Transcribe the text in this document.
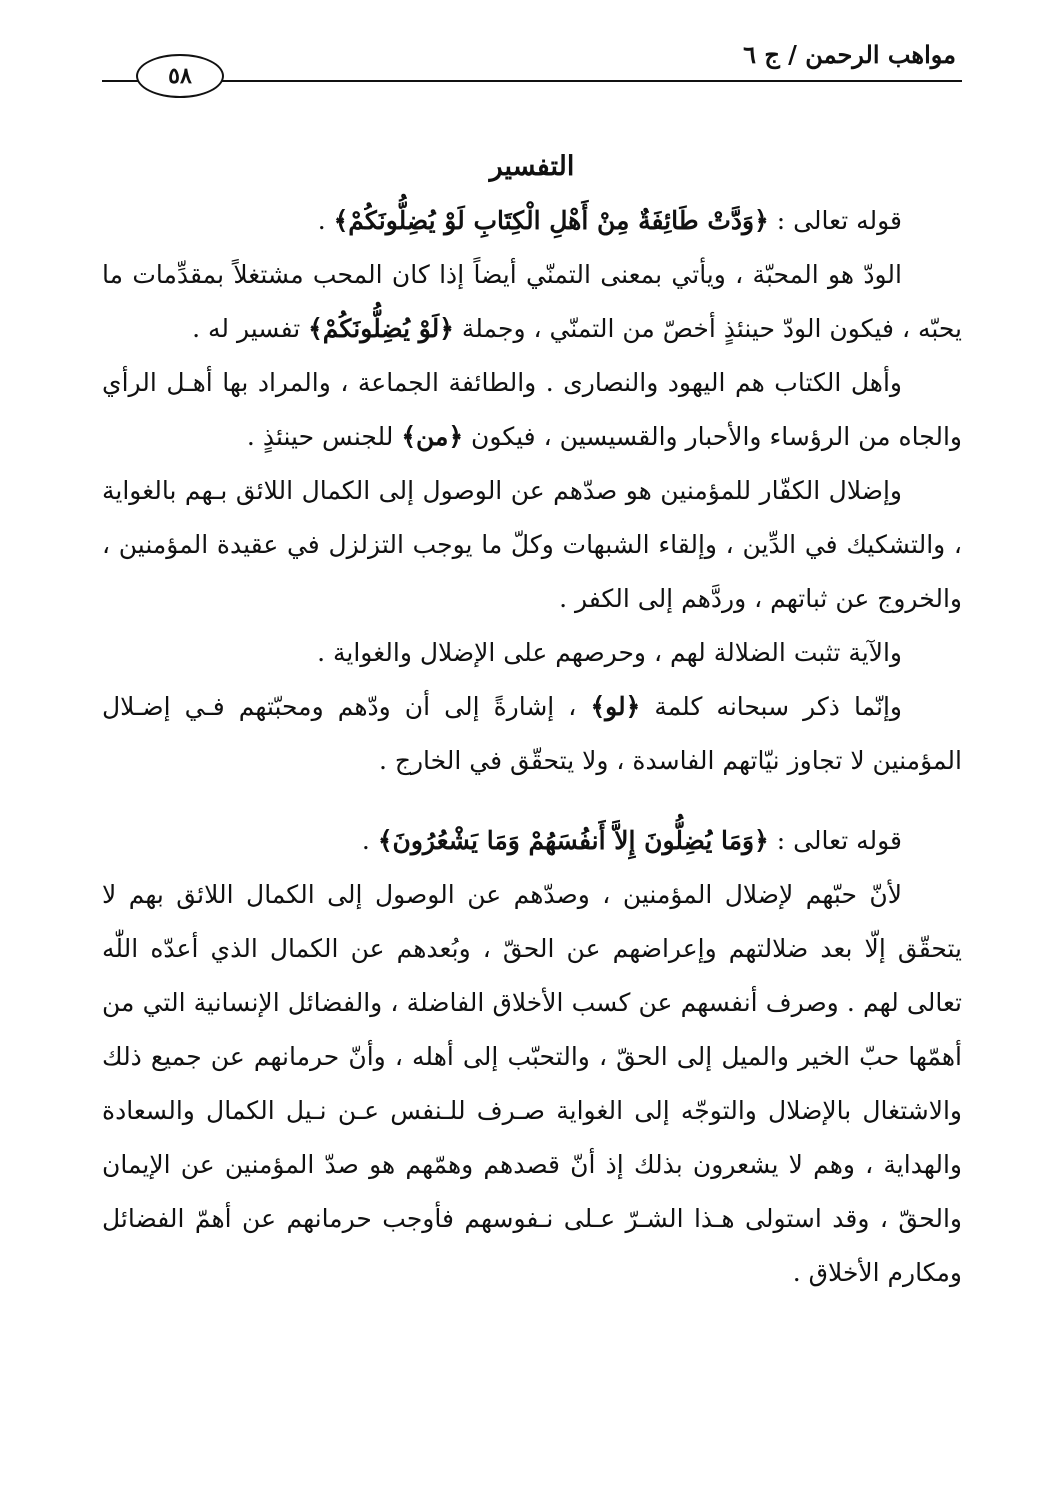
مواهب الرحمن / ج ٦
٥٨
التفسير

قوله تعالى : ﴿وَدَّتْ طَائِفَةٌ مِنْ أَهْلِ الْكِتَابِ لَوْ يُضِلُّونَكُمْ﴾ .

الودّ هو المحبّة ، ويأتي بمعنى التمنّي أيضاً إذا كان المحب مشتغلاً بمقدِّمات ما يحبّه ، فيكون الودّ حينئذٍ أخصّ من التمنّي ، وجملة ﴿لَوْ يُضِلُّونَكُمْ﴾ تفسير له .

وأهل الكتاب هم اليهود والنصارى . والطائفة الجماعة ، والمراد بها أهـل الرأي والجاه من الرؤساء والأحبار والقسيسين ، فيكون ﴿من﴾ للجنس حينئذٍ .

وإضلال الكفّار للمؤمنين هو صدّهم عن الوصول إلى الكمال اللائق بـهم بالغواية ، والتشكيك في الدِّين ، وإلقاء الشبهات وكلّ ما يوجب التزلزل في عقيدة المؤمنين ، والخروج عن ثباتهم ، وردَّهم إلى الكفر .

والآية تثبت الضلالة لهم ، وحرصهم على الإضلال والغواية .

وإنّما ذكر سبحانه كلمة ﴿لو﴾ ، إشارةً إلى أن ودّهم ومحبّتهم فـي إضـلال المؤمنين لا تجاوز نيّاتهم الفاسدة ، ولا يتحقّق في الخارج .

قوله تعالى : ﴿وَمَا يُضِلُّونَ إِلاَّ أَنفُسَهُمْ وَمَا يَشْعُرُونَ﴾ .

لأنّ حبّهم لإضلال المؤمنين ، وصدّهم عن الوصول إلى الكمال اللائق بهم لا يتحقّق إلّا بعد ضلالتهم وإعراضهم عن الحقّ ، وبُعدهم عن الكمال الذي أعدّه اللّٰه تعالى لهم . وصرف أنفسهم عن كسب الأخلاق الفاضلة ، والفضائل الإنسانية التي من أهمّها حبّ الخير والميل إلى الحقّ ، والتحبّب إلى أهله ، وأنّ حرمانهم عن جميع ذلك والاشتغال بالإضلال والتوجّه إلى الغواية صـرف للـنفس عـن نـيل الكمال والسعادة والهداية ، وهم لا يشعرون بذلك إذ أنّ قصدهم وهمّهم هو صدّ المؤمنين عن الإيمان والحقّ ، وقد استولى هـذا الشـرّ عـلى نـفوسهم فأوجب حرمانهم عن أهمّ الفضائل ومكارم الأخلاق .
